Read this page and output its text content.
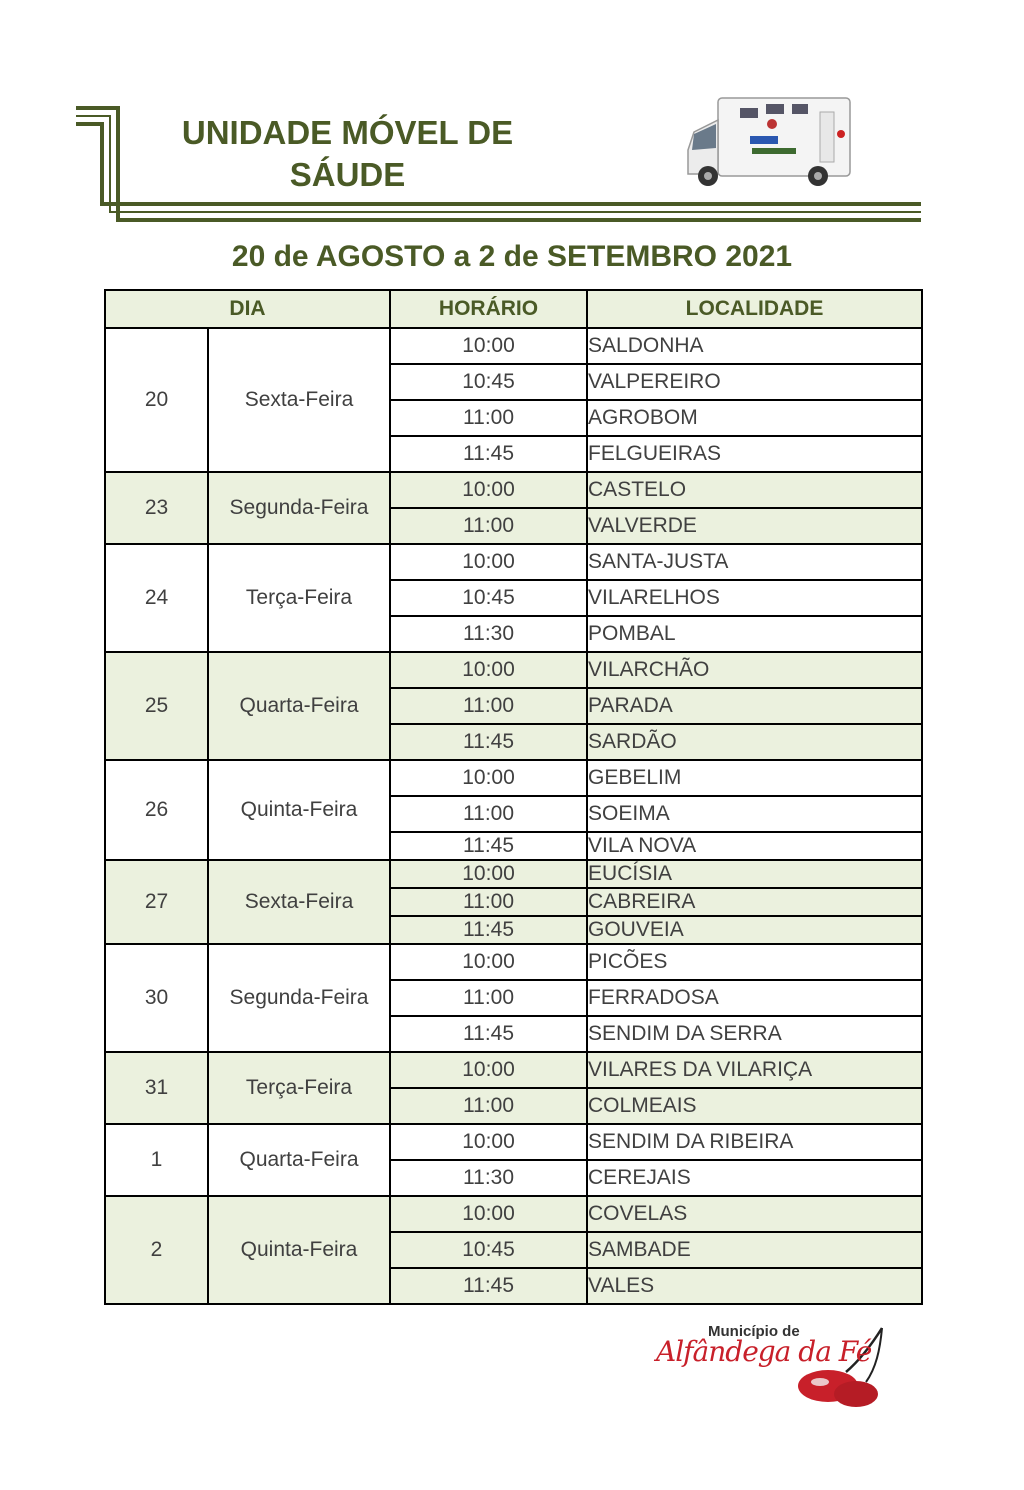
UNIDADE MÓVEL DE
SÁUDE
20 de AGOSTO a 2 de SETEMBRO 2021
DIA		HORÁRIO	LOCALIDADE
20	Sexta-Feira	10:00	SALDONHA
		10:45	VALPEREIRO
		11:00	AGROBOM
		11:45	FELGUEIRAS
23	Segunda-Feira	10:00	CASTELO
		11:00	VALVERDE
24	Terça-Feira	10:00	SANTA-JUSTA
		10:45	VILARELHOS
		11:30	POMBAL
25	Quarta-Feira	10:00	VILARCHÃO
		11:00	PARADA
		11:45	SARDÃO
26	Quinta-Feira	10:00	GEBELIM
		11:00	SOEIMA
		11:45	VILA NOVA
27	Sexta-Feira	10:00	EUCÍSIA
		11:00	CABREIRA
		11:45	GOUVEIA
30	Segunda-Feira	10:00	PICÕES
		11:00	FERRADOSA
		11:45	SENDIM DA SERRA
31	Terça-Feira	10:00	VILARES DA VILARIÇA
		11:00	COLMEAIS
1	Quarta-Feira	10:00	SENDIM DA RIBEIRA
		11:30	CEREJAIS
2	Quinta-Feira	10:00	COVELAS
		10:45	SAMBADE
		11:45	VALES

Município de

Alfândega da Fé
